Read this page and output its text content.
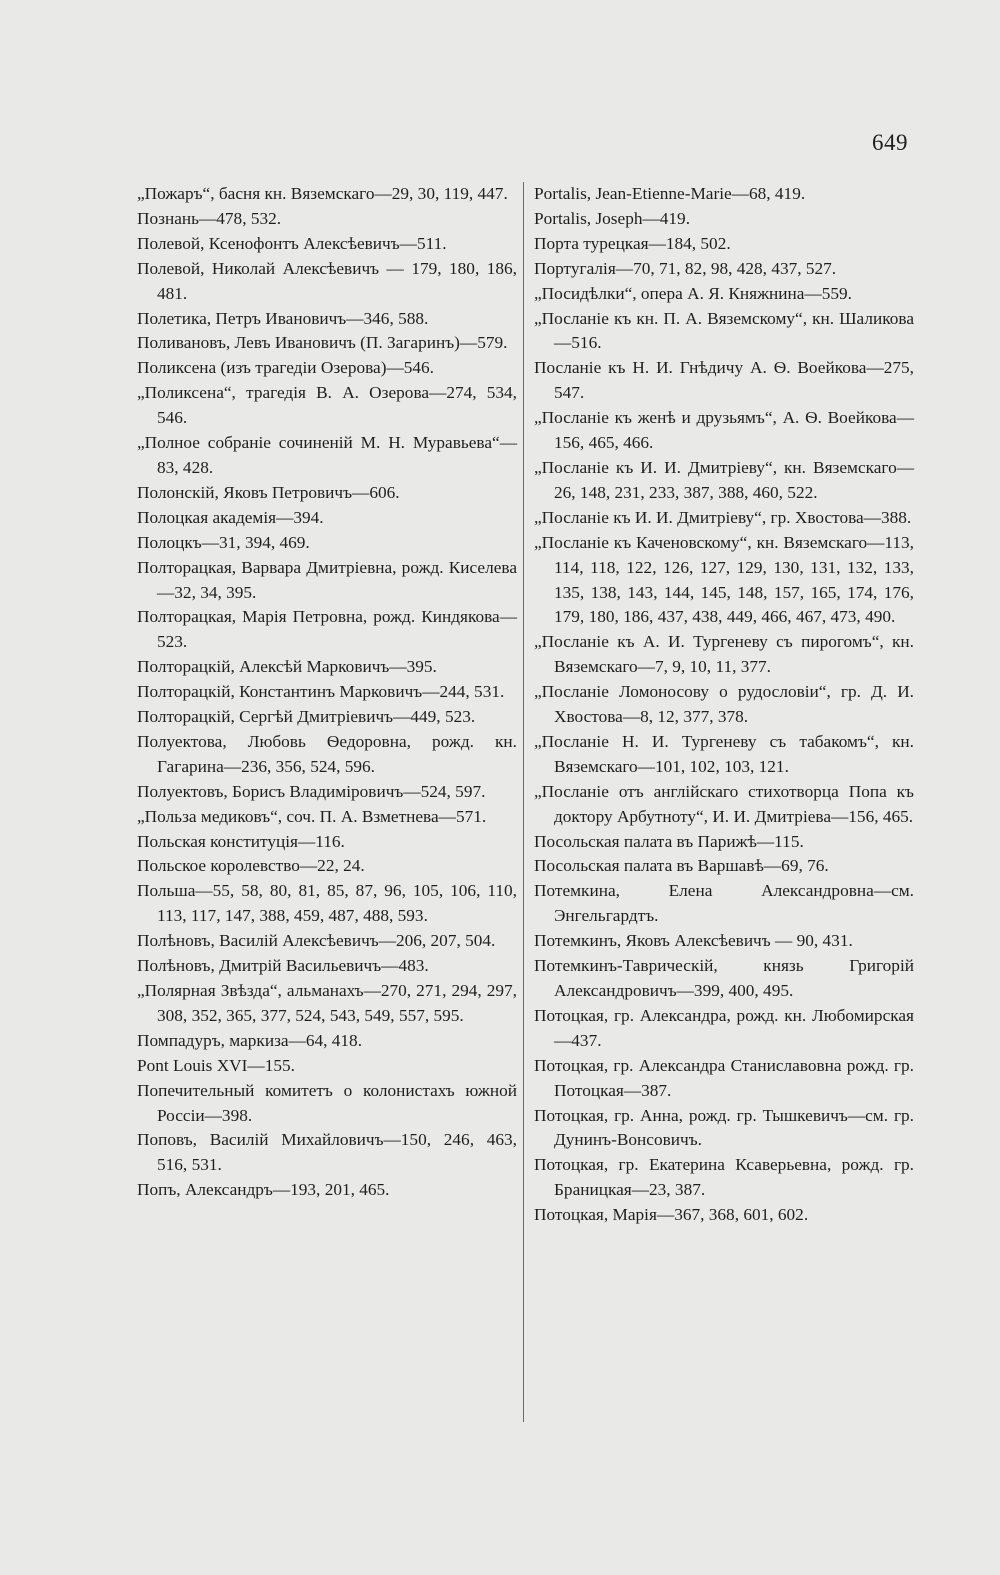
649

„Пожаръ“, басня кн. Вяземскаго—29, 30, 119, 447.

Познань—478, 532.

Полевой, Ксенофонтъ Алексѣевичъ—511.

Полевой, Николай Алексѣевичъ — 179, 180, 186, 481.

Полетика, Петръ Ивановичъ—346, 588.

Поливановъ, Левъ Ивановичъ (П. Загаринъ)—579.

Поликсена (изъ трагедіи Озерова)—546.

„Поликсена“, трагедія В. А. Озерова—274, 534, 546.

„Полное собраніе сочиненій М. Н. Муравьева“—83, 428.

Полонскій, Яковъ Петровичъ—606.

Полоцкая академія—394.

Полоцкъ—31, 394, 469.

Полторацкая, Варвара Дмитріевна, рожд. Киселева—32, 34, 395.

Полторацкая, Марія Петровна, рожд. Киндякова—523.

Полторацкій, Алексѣй Марковичъ—395.

Полторацкій, Константинъ Марковичъ—244, 531.

Полторацкій, Сергѣй Дмитріевичъ—449, 523.

Полуектова, Любовь Ѳедоровна, рожд. кн. Гагарина—236, 356, 524, 596.

Полуектовъ, Борисъ Владиміровичъ—524, 597.

„Польза медиковъ“, соч. П. А. Взметнева—571.

Польская конституція—116.

Польское королевство—22, 24.

Польша—55, 58, 80, 81, 85, 87, 96, 105, 106, 110, 113, 117, 147, 388, 459, 487, 488, 593.

Полѣновъ, Василій Алексѣевичъ—206, 207, 504.

Полѣновъ, Дмитрій Васильевичъ—483.

„Полярная Звѣзда“, альманахъ—270, 271, 294, 297, 308, 352, 365, 377, 524, 543, 549, 557, 595.

Помпадуръ, маркиза—64, 418.

Pont Louis XVI—155.

Попечительный комитетъ о колонистахъ южной Россіи—398.

Поповъ, Василій Михайловичъ—150, 246, 463, 516, 531.

Попъ, Александръ—193, 201, 465.

Portalis, Jean-Etienne-Marie—68, 419.

Portalis, Joseph—419.

Порта турецкая—184, 502.

Португалія—70, 71, 82, 98, 428, 437, 527.

„Посидѣлки“, опера А. Я. Княжнина—559.

„Посланіе къ кн. П. А. Вяземскому“, кн. Шаликова—516.

Посланіе къ Н. И. Гнѣдичу А. Ѳ. Воейкова—275, 547.

„Посланіе къ женѣ и друзьямъ“, А. Ѳ. Воейкова—156, 465, 466.

„Посланіе къ И. И. Дмитріеву“, кн. Вяземскаго—26, 148, 231, 233, 387, 388, 460, 522.

„Посланіе къ И. И. Дмитріеву“, гр. Хвостова—388.

„Посланіе къ Каченовскому“, кн. Вяземскаго—113, 114, 118, 122, 126, 127, 129, 130, 131, 132, 133, 135, 138, 143, 144, 145, 148, 157, 165, 174, 176, 179, 180, 186, 437, 438, 449, 466, 467, 473, 490.

„Посланіе къ А. И. Тургеневу съ пирогомъ“, кн. Вяземскаго—7, 9, 10, 11, 377.

„Посланіе Ломоносову о рудословіи“, гр. Д. И. Хвостова—8, 12, 377, 378.

„Посланіе Н. И. Тургеневу съ табакомъ“, кн. Вяземскаго—101, 102, 103, 121.

„Посланіе отъ англійскаго стихотворца Попа къ доктору Арбутноту“, И. И. Дмитріева—156, 465.

Посольская палата въ Парижѣ—115.

Посольская палата въ Варшавѣ—69, 76.

Потемкина, Елена Александровна—см. Энгельгардтъ.

Потемкинъ, Яковъ Алексѣевичъ — 90, 431.

Потемкинъ-Таврическій, князь Григорій Александровичъ—399, 400, 495.

Потоцкая, гр. Александра, рожд. кн. Любомирская—437.

Потоцкая, гр. Александра Станиславовна рожд. гр. Потоцкая—387.

Потоцкая, гр. Анна, рожд. гр. Тышкевичъ—см. гр. Дунинъ-Вонсовичъ.

Потоцкая, гр. Екатерина Ксаверьевна, рожд. гр. Браницкая—23, 387.

Потоцкая, Марія—367, 368, 601, 602.
